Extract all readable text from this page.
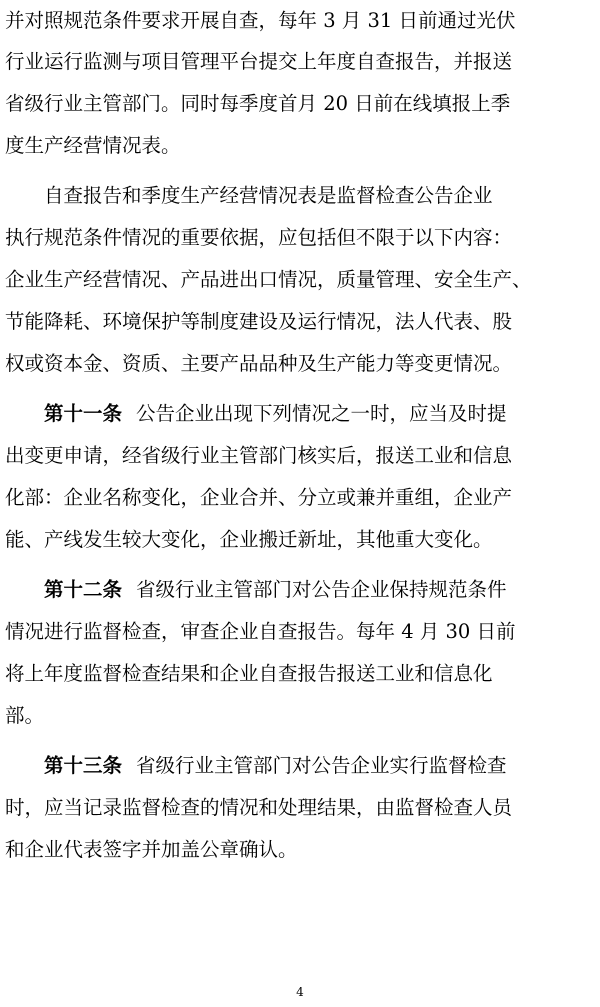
并对照规范条件要求开展自查，每年 3 月 31 日前通过光伏
行业运行监测与项目管理平台提交上年度自查报告，并报送
省级行业主管部门。同时每季度首月 20 日前在线填报上季
度生产经营情况表。
自查报告和季度生产经营情况表是监督检查公告企业
执行规范条件情况的重要依据，应包括但不限于以下内容：
企业生产经营情况、产品进出口情况，质量管理、安全生产、
节能降耗、环境保护等制度建设及运行情况，法人代表、股
权或资本金、资质、主要产品品种及生产能力等变更情况。
第十一条 公告企业出现下列情况之一时，应当及时提
出变更申请，经省级行业主管部门核实后，报送工业和信息
化部：企业名称变化，企业合并、分立或兼并重组，企业产
能、产线发生较大变化，企业搬迁新址，其他重大变化。
第十二条 省级行业主管部门对公告企业保持规范条件
情况进行监督检查，审查企业自查报告。每年 4 月 30 日前
将上年度监督检查结果和企业自查报告报送工业和信息化
部。
第十三条 省级行业主管部门对公告企业实行监督检查
时，应当记录监督检查的情况和处理结果，由监督检查人员
和企业代表签字并加盖公章确认。
4
